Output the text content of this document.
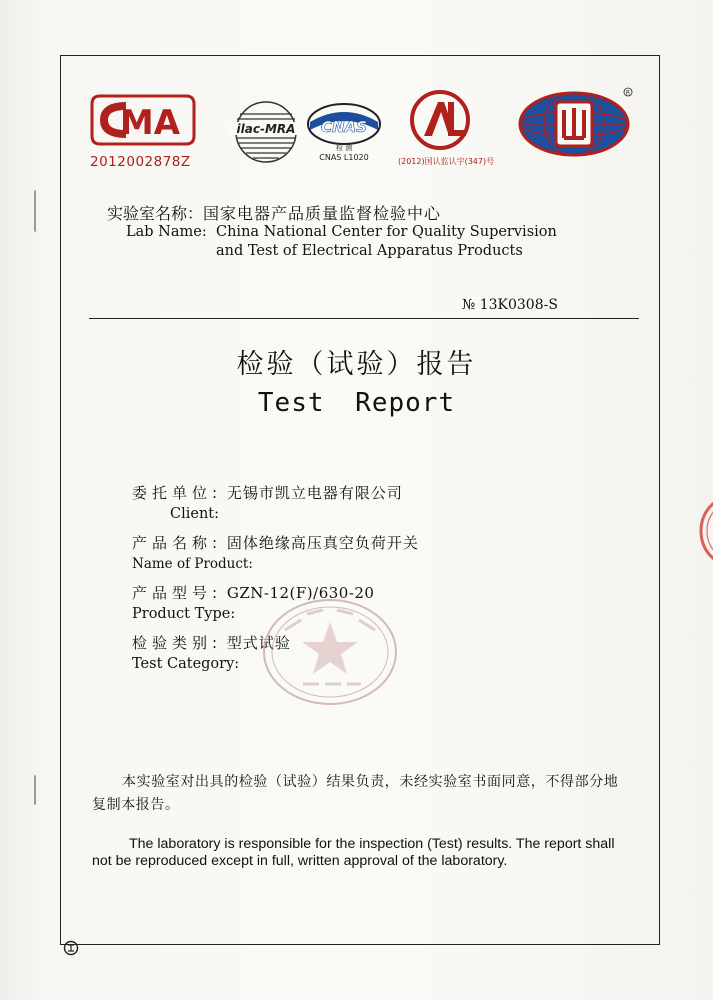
MA
2012002878Z
ilac-MRA CNAS
检 测
CNAS L1020	(2012)国认监认字(347)号
R
实验室名称：国家电器产品质量监督检验中心
Lab Name: China National Center for Quality Supervision
and Test of Electrical Apparatus Products
№ 13K0308-S
检验（试验）报告
Test Report
委托单位: 无锡市凯立电器有限公司
Client:
产品名称: 固体绝缘高压真空负荷开关
Name of Product:
产品型号: GZN-12(F)/630-20
Product Type:
检验类别: 型式试验
Test Category:
本实验室对出具的检验（试验）结果负责，未经实验室书面同意，不得部分地复制本报告。
The laboratory is responsible for the inspection (Test) results. The report shall not be reproduced except in full, written approval of the laboratory.
